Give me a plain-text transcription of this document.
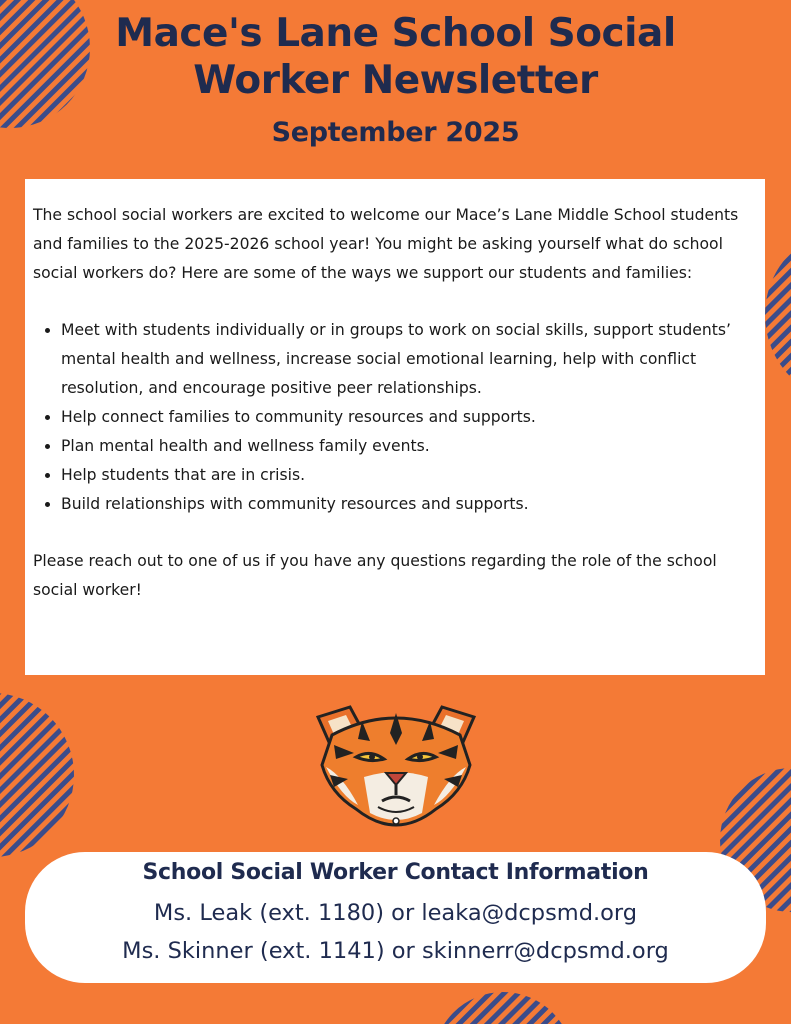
Mace's Lane School Social
Worker Newsletter
September 2025

The school social workers are excited to welcome our Mace’s Lane Middle School students and families to the 2025-2026 school year! You might be asking yourself what do school social workers do? Here are some of the ways we support our students and families:

• Meet with students individually or in groups to work on social skills, support students’ mental health and wellness, increase social emotional learning, help with conflict resolution, and encourage positive peer relationships.
• Help connect families to community resources and supports.
• Plan mental health and wellness family events.
• Help students that are in crisis.
• Build relationships with community resources and supports.

Please reach out to one of us if you have any questions regarding the role of the school social worker!

School Social Worker Contact Information
Ms. Leak (ext. 1180) or leaka@dcpsmd.org
Ms. Skinner (ext. 1141) or skinnerr@dcpsmd.org
